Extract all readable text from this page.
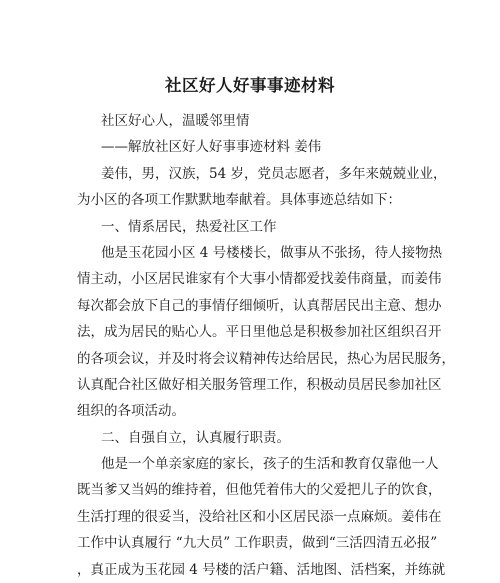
社区好人好事事迹材料
社区好心人，温暖邻里情
——解放社区好人好事事迹材料 姜伟
姜伟，男，汉族，54 岁，党员志愿者，多年来兢兢业业，
为小区的各项工作默默地奉献着。具体事迹总结如下：
一、情系居民，热爱社区工作
他是玉花园小区 4 号楼楼长，做事从不张扬，待人接物热
情主动，小区居民谁家有个大事小情都爱找姜伟商量，而姜伟
每次都会放下自己的事情仔细倾听，认真帮居民出主意、想办
法，成为居民的贴心人。平日里他总是积极参加社区组织召开
的各项会议，并及时将会议精神传达给居民，热心为居民服务，
认真配合社区做好相关服务管理工作，积极动员居民参加社区
组织的各项活动。
二、自强自立，认真履行职责。
他是一个单亲家庭的家长，孩子的生活和教育仅靠他一人
既当爹又当妈的维持着，但他凭着伟大的父爱把儿子的饮食，
生活打理的很妥当，没给社区和小区居民添一点麻烦。姜伟在
工作中认真履行 “九大员” 工作职责，做到“三活四清五必报”
，真正成为玉花园 4 号楼的活户籍、活地图、活档案，并练就
